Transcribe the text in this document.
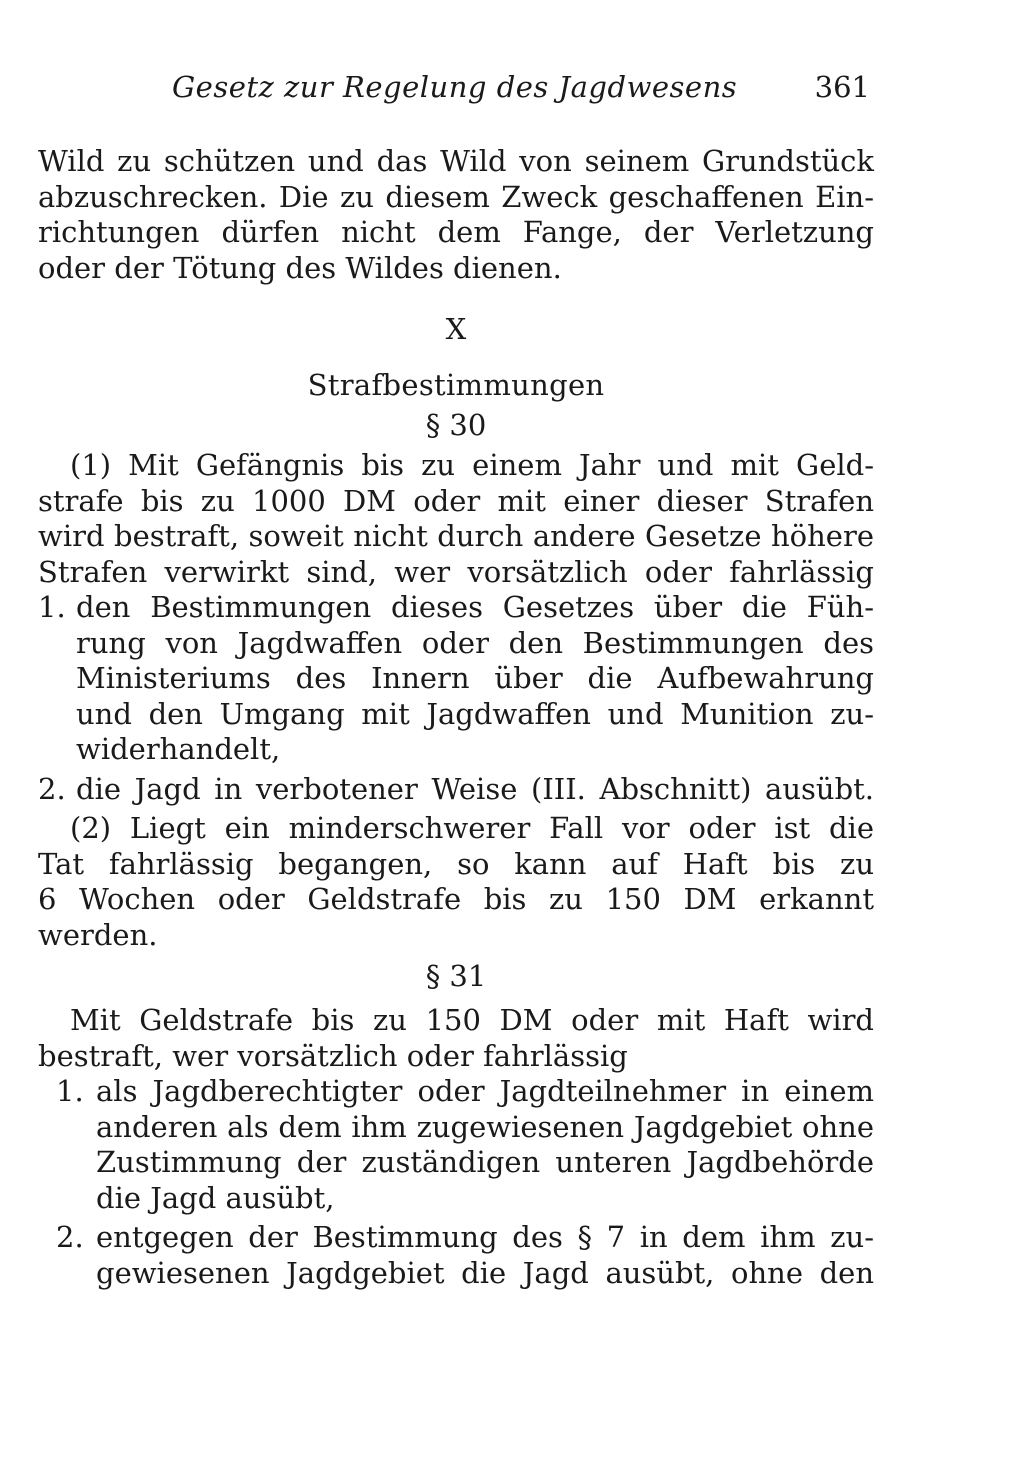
Gesetz zur Regelung des Jagdwesens	361
Wild zu schützen und das Wild von seinem Grundstück
abzuschrecken. Die zu diesem Zweck geschaffenen Ein-
richtungen dürfen nicht dem Fange, der Verletzung
oder der Tötung des Wildes dienen.
X
Strafbestimmungen
§ 30
(1) Mit Gefängnis bis zu einem Jahr und mit Geld-
strafe bis zu 1000 DM oder mit einer dieser Strafen
wird bestraft, soweit nicht durch andere Gesetze höhere
Strafen verwirkt sind, wer vorsätzlich oder fahrlässig
1. den Bestimmungen dieses Gesetzes über die Füh-
rung von Jagdwaffen oder den Bestimmungen des
Ministeriums des Innern über die Aufbewahrung
und den Umgang mit Jagdwaffen und Munition zu-
widerhandelt,
2. die Jagd in verbotener Weise (III. Abschnitt) ausübt.
(2) Liegt ein minderschwerer Fall vor oder ist die
Tat fahrlässig begangen, so kann auf Haft bis zu
6 Wochen oder Geldstrafe bis zu 150 DM erkannt
werden.
§ 31
Mit Geldstrafe bis zu 150 DM oder mit Haft wird
bestraft, wer vorsätzlich oder fahrlässig
1. als Jagdberechtigter oder Jagdteilnehmer in einem
anderen als dem ihm zugewiesenen Jagdgebiet ohne
Zustimmung der zuständigen unteren Jagdbehörde
die Jagd ausübt,
2. entgegen der Bestimmung des § 7 in dem ihm zu-
gewiesenen Jagdgebiet die Jagd ausübt, ohne den
